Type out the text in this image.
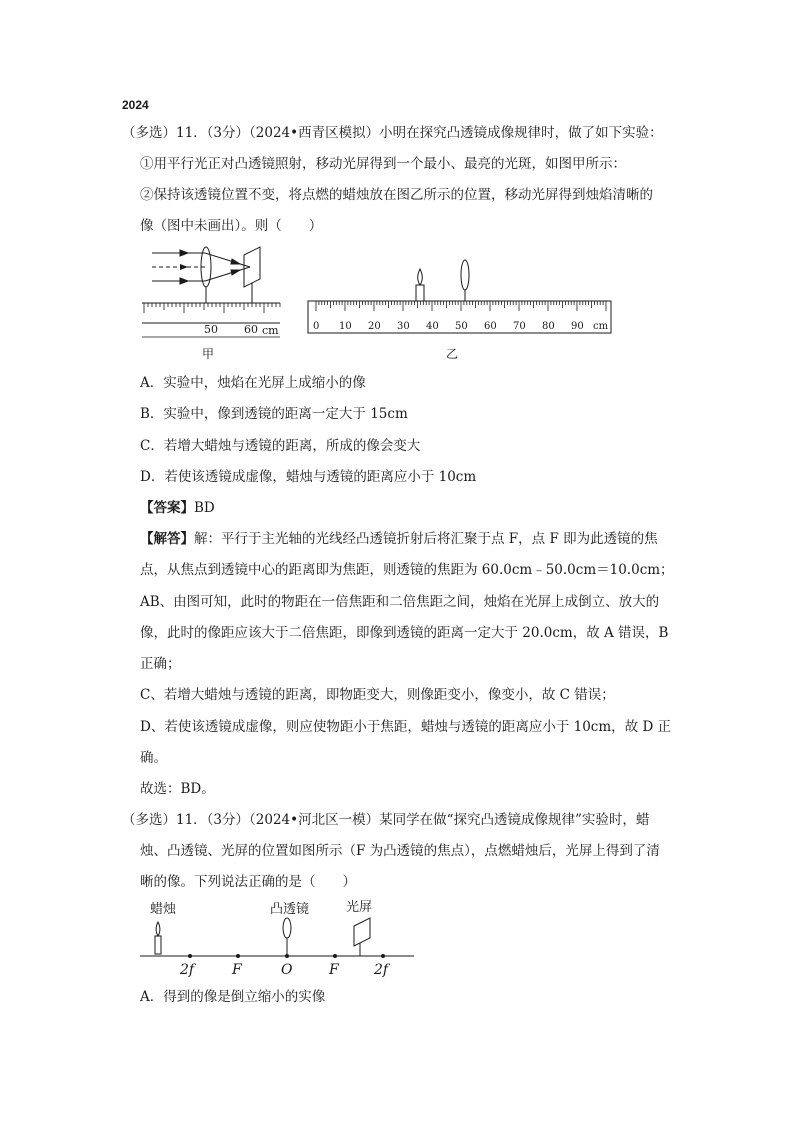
2024
（多选）11．（3分）（2024•西青区模拟）小明在探究凸透镜成像规律时，做了如下实验：
①用平行光正对凸透镜照射，移动光屏得到一个最小、最亮的光斑，如图甲所示：
②保持该透镜位置不变，将点燃的蜡烛放在图乙所示的位置，移动光屏得到烛焰清晰的
像（图中未画出）。则（　　）
50 60 cm
甲
0 10 20 30 40 50 60 70 80 90 cm
乙
A．实验中，烛焰在光屏上成缩小的像
B．实验中，像到透镜的距离一定大于 15cm
C．若增大蜡烛与透镜的距离，所成的像会变大
D．若使该透镜成虚像，蜡烛与透镜的距离应小于 10cm
【答案】BD
【解答】解：平行于主光轴的光线经凸透镜折射后将汇聚于点 F，点 F 即为此透镜的焦
点，从焦点到透镜中心的距离即为焦距，则透镜的焦距为 60.0cm﹣50.0cm＝10.0cm；
AB、由图可知，此时的物距在一倍焦距和二倍焦距之间，烛焰在光屏上成倒立、放大的
像，此时的像距应该大于二倍焦距，即像到透镜的距离一定大于 20.0cm，故 A 错误，B
正确；
C、若增大蜡烛与透镜的距离，即物距变大，则像距变小，像变小，故 C 错误；
D、若使该透镜成虚像，则应使物距小于焦距，蜡烛与透镜的距离应小于 10cm，故 D 正
确。
故选：BD。
（多选）11．（3分）（2024•河北区一模）某同学在做“探究凸透镜成像规律”实验时，蜡
烛、凸透镜、光屏的位置如图所示（F 为凸透镜的焦点），点燃蜡烛后，光屏上得到了清
晰的像。下列说法正确的是（　　）
蜡烛	凸透镜	光屏
2f	F	O	F	2f
A．得到的像是倒立缩小的实像
